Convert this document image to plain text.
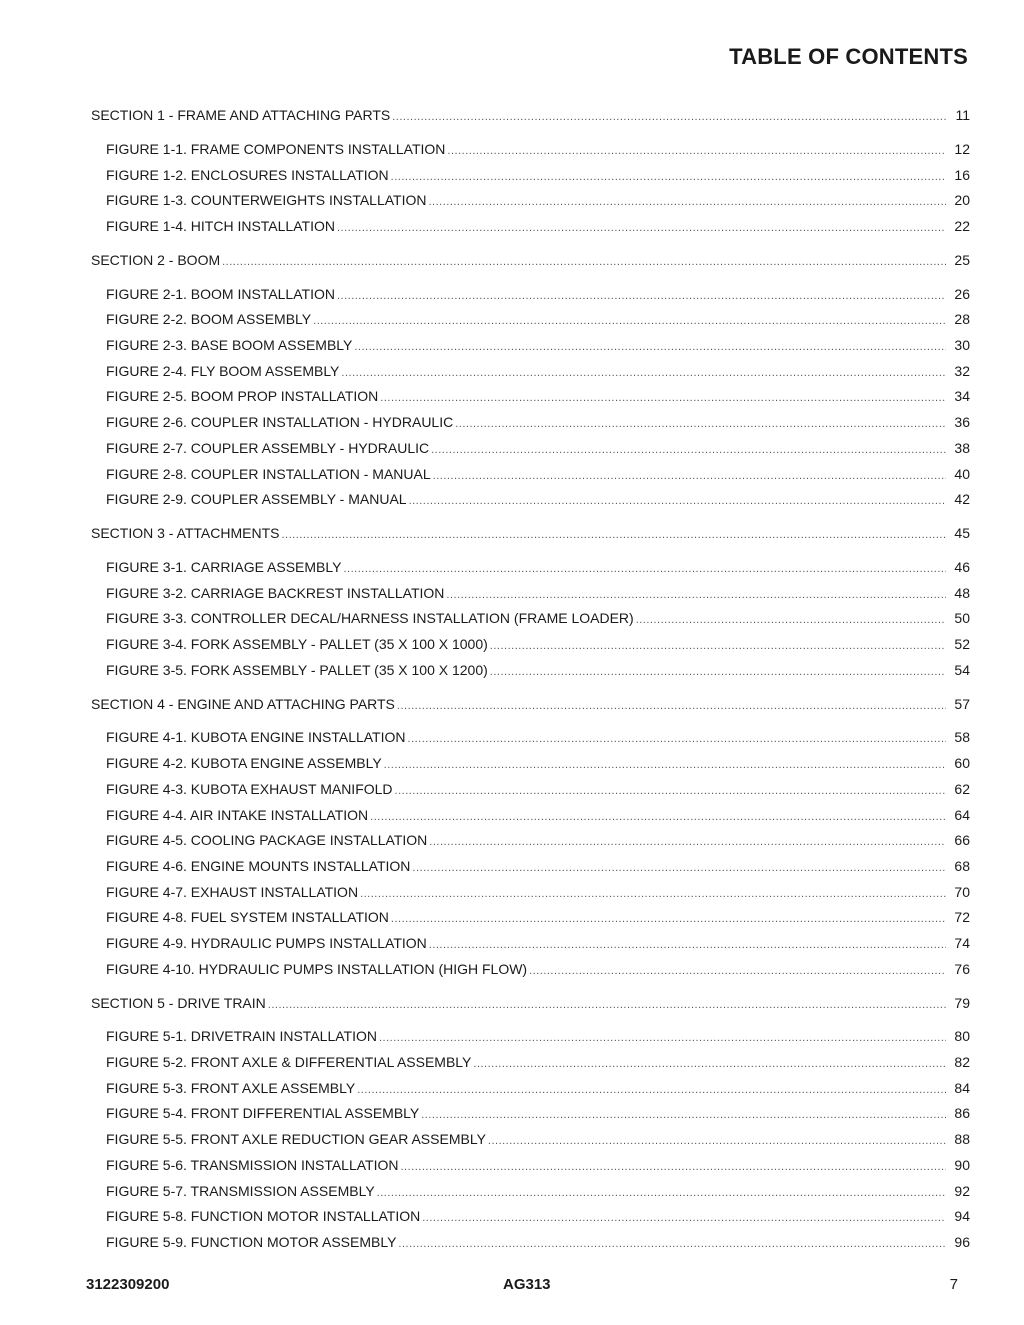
TABLE OF CONTENTS
SECTION 1 - FRAME AND ATTACHING PARTS .....	11
FIGURE 1-1. FRAME COMPONENTS INSTALLATION .....	12
FIGURE 1-2. ENCLOSURES INSTALLATION .....	16
FIGURE 1-3. COUNTERWEIGHTS INSTALLATION .....	20
FIGURE 1-4. HITCH INSTALLATION .....	22
SECTION 2 - BOOM .....	25
FIGURE 2-1. BOOM INSTALLATION .....	26
FIGURE 2-2. BOOM ASSEMBLY .....	28
FIGURE 2-3. BASE BOOM ASSEMBLY .....	30
FIGURE 2-4. FLY BOOM ASSEMBLY .....	32
FIGURE 2-5. BOOM PROP INSTALLATION .....	34
FIGURE 2-6. COUPLER INSTALLATION - HYDRAULIC .....	36
FIGURE 2-7. COUPLER ASSEMBLY - HYDRAULIC .....	38
FIGURE 2-8. COUPLER INSTALLATION - MANUAL .....	40
FIGURE 2-9. COUPLER ASSEMBLY - MANUAL .....	42
SECTION 3 - ATTACHMENTS .....	45
FIGURE 3-1. CARRIAGE ASSEMBLY .....	46
FIGURE 3-2. CARRIAGE BACKREST INSTALLATION .....	48
FIGURE 3-3. CONTROLLER DECAL/HARNESS INSTALLATION (FRAME LOADER) .....	50
FIGURE 3-4. FORK ASSEMBLY - PALLET (35 X 100 X 1000) .....	52
FIGURE 3-5. FORK ASSEMBLY - PALLET (35 X 100 X 1200) .....	54
SECTION 4 - ENGINE AND ATTACHING PARTS .....	57
FIGURE 4-1. KUBOTA ENGINE INSTALLATION .....	58
FIGURE 4-2. KUBOTA ENGINE ASSEMBLY .....	60
FIGURE 4-3. KUBOTA EXHAUST MANIFOLD .....	62
FIGURE 4-4. AIR INTAKE INSTALLATION .....	64
FIGURE 4-5. COOLING PACKAGE INSTALLATION .....	66
FIGURE 4-6. ENGINE MOUNTS INSTALLATION .....	68
FIGURE 4-7. EXHAUST INSTALLATION .....	70
FIGURE 4-8. FUEL SYSTEM INSTALLATION .....	72
FIGURE 4-9. HYDRAULIC PUMPS INSTALLATION .....	74
FIGURE 4-10. HYDRAULIC PUMPS INSTALLATION (HIGH FLOW) .....	76
SECTION 5 - DRIVE TRAIN .....	79
FIGURE 5-1. DRIVETRAIN INSTALLATION .....	80
FIGURE 5-2. FRONT AXLE & DIFFERENTIAL ASSEMBLY .....	82
FIGURE 5-3. FRONT AXLE ASSEMBLY .....	84
FIGURE 5-4. FRONT DIFFERENTIAL ASSEMBLY .....	86
FIGURE 5-5. FRONT AXLE REDUCTION GEAR ASSEMBLY .....	88
FIGURE 5-6. TRANSMISSION INSTALLATION .....	90
FIGURE 5-7. TRANSMISSION ASSEMBLY .....	92
FIGURE 5-8. FUNCTION MOTOR INSTALLATION .....	94
FIGURE 5-9. FUNCTION MOTOR ASSEMBLY .....	96
3122309200	AG313	7
